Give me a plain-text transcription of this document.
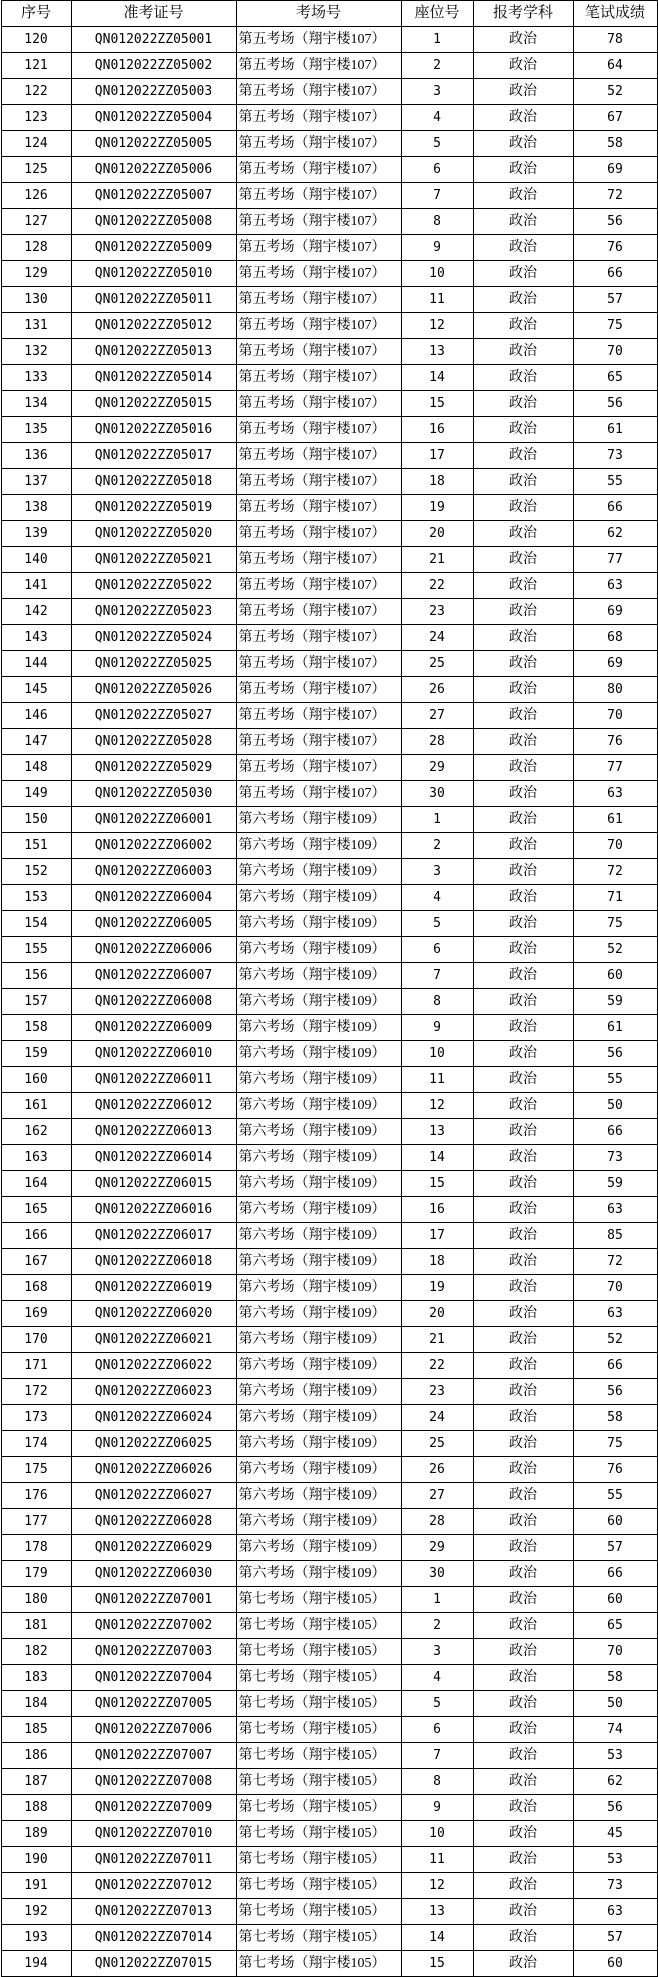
序号	准考证号	考场号	座位号	报考学科	笔试成绩
120	QN012022ZZ05001	第五考场（翔宇楼107）	1	政治	78
121	QN012022ZZ05002	第五考场（翔宇楼107）	2	政治	64
122	QN012022ZZ05003	第五考场（翔宇楼107）	3	政治	52
123	QN012022ZZ05004	第五考场（翔宇楼107）	4	政治	67
124	QN012022ZZ05005	第五考场（翔宇楼107）	5	政治	58
125	QN012022ZZ05006	第五考场（翔宇楼107）	6	政治	69
126	QN012022ZZ05007	第五考场（翔宇楼107）	7	政治	72
127	QN012022ZZ05008	第五考场（翔宇楼107）	8	政治	56
128	QN012022ZZ05009	第五考场（翔宇楼107）	9	政治	76
129	QN012022ZZ05010	第五考场（翔宇楼107）	10	政治	66
130	QN012022ZZ05011	第五考场（翔宇楼107）	11	政治	57
131	QN012022ZZ05012	第五考场（翔宇楼107）	12	政治	75
132	QN012022ZZ05013	第五考场（翔宇楼107）	13	政治	70
133	QN012022ZZ05014	第五考场（翔宇楼107）	14	政治	65
134	QN012022ZZ05015	第五考场（翔宇楼107）	15	政治	56
135	QN012022ZZ05016	第五考场（翔宇楼107）	16	政治	61
136	QN012022ZZ05017	第五考场（翔宇楼107）	17	政治	73
137	QN012022ZZ05018	第五考场（翔宇楼107）	18	政治	55
138	QN012022ZZ05019	第五考场（翔宇楼107）	19	政治	66
139	QN012022ZZ05020	第五考场（翔宇楼107）	20	政治	62
140	QN012022ZZ05021	第五考场（翔宇楼107）	21	政治	77
141	QN012022ZZ05022	第五考场（翔宇楼107）	22	政治	63
142	QN012022ZZ05023	第五考场（翔宇楼107）	23	政治	69
143	QN012022ZZ05024	第五考场（翔宇楼107）	24	政治	68
144	QN012022ZZ05025	第五考场（翔宇楼107）	25	政治	69
145	QN012022ZZ05026	第五考场（翔宇楼107）	26	政治	80
146	QN012022ZZ05027	第五考场（翔宇楼107）	27	政治	70
147	QN012022ZZ05028	第五考场（翔宇楼107）	28	政治	76
148	QN012022ZZ05029	第五考场（翔宇楼107）	29	政治	77
149	QN012022ZZ05030	第五考场（翔宇楼107）	30	政治	63
150	QN012022ZZ06001	第六考场（翔宇楼109）	1	政治	61
151	QN012022ZZ06002	第六考场（翔宇楼109）	2	政治	70
152	QN012022ZZ06003	第六考场（翔宇楼109）	3	政治	72
153	QN012022ZZ06004	第六考场（翔宇楼109）	4	政治	71
154	QN012022ZZ06005	第六考场（翔宇楼109）	5	政治	75
155	QN012022ZZ06006	第六考场（翔宇楼109）	6	政治	52
156	QN012022ZZ06007	第六考场（翔宇楼109）	7	政治	60
157	QN012022ZZ06008	第六考场（翔宇楼109）	8	政治	59
158	QN012022ZZ06009	第六考场（翔宇楼109）	9	政治	61
159	QN012022ZZ06010	第六考场（翔宇楼109）	10	政治	56
160	QN012022ZZ06011	第六考场（翔宇楼109）	11	政治	55
161	QN012022ZZ06012	第六考场（翔宇楼109）	12	政治	50
162	QN012022ZZ06013	第六考场（翔宇楼109）	13	政治	66
163	QN012022ZZ06014	第六考场（翔宇楼109）	14	政治	73
164	QN012022ZZ06015	第六考场（翔宇楼109）	15	政治	59
165	QN012022ZZ06016	第六考场（翔宇楼109）	16	政治	63
166	QN012022ZZ06017	第六考场（翔宇楼109）	17	政治	85
167	QN012022ZZ06018	第六考场（翔宇楼109）	18	政治	72
168	QN012022ZZ06019	第六考场（翔宇楼109）	19	政治	70
169	QN012022ZZ06020	第六考场（翔宇楼109）	20	政治	63
170	QN012022ZZ06021	第六考场（翔宇楼109）	21	政治	52
171	QN012022ZZ06022	第六考场（翔宇楼109）	22	政治	66
172	QN012022ZZ06023	第六考场（翔宇楼109）	23	政治	56
173	QN012022ZZ06024	第六考场（翔宇楼109）	24	政治	58
174	QN012022ZZ06025	第六考场（翔宇楼109）	25	政治	75
175	QN012022ZZ06026	第六考场（翔宇楼109）	26	政治	76
176	QN012022ZZ06027	第六考场（翔宇楼109）	27	政治	55
177	QN012022ZZ06028	第六考场（翔宇楼109）	28	政治	60
178	QN012022ZZ06029	第六考场（翔宇楼109）	29	政治	57
179	QN012022ZZ06030	第六考场（翔宇楼109）	30	政治	66
180	QN012022ZZ07001	第七考场（翔宇楼105）	1	政治	60
181	QN012022ZZ07002	第七考场（翔宇楼105）	2	政治	65
182	QN012022ZZ07003	第七考场（翔宇楼105）	3	政治	70
183	QN012022ZZ07004	第七考场（翔宇楼105）	4	政治	58
184	QN012022ZZ07005	第七考场（翔宇楼105）	5	政治	50
185	QN012022ZZ07006	第七考场（翔宇楼105）	6	政治	74
186	QN012022ZZ07007	第七考场（翔宇楼105）	7	政治	53
187	QN012022ZZ07008	第七考场（翔宇楼105）	8	政治	62
188	QN012022ZZ07009	第七考场（翔宇楼105）	9	政治	56
189	QN012022ZZ07010	第七考场（翔宇楼105）	10	政治	45
190	QN012022ZZ07011	第七考场（翔宇楼105）	11	政治	53
191	QN012022ZZ07012	第七考场（翔宇楼105）	12	政治	73
192	QN012022ZZ07013	第七考场（翔宇楼105）	13	政治	63
193	QN012022ZZ07014	第七考场（翔宇楼105）	14	政治	57
194	QN012022ZZ07015	第七考场（翔宇楼105）	15	政治	60
